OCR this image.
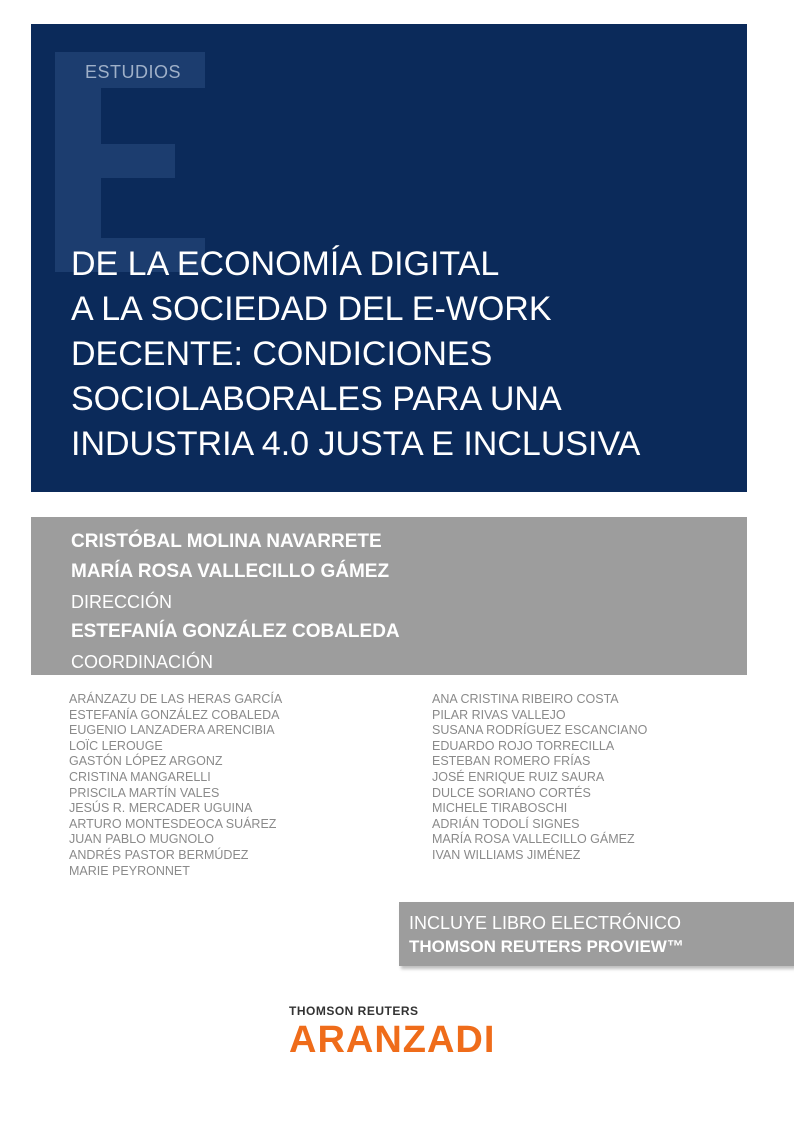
ESTUDIOS
DE LA ECONOMÍA DIGITAL
A LA SOCIEDAD DEL E-WORK
DECENTE: CONDICIONES
SOCIOLABORALES PARA UNA
INDUSTRIA 4.0 JUSTA E INCLUSIVA
CRISTÓBAL MOLINA NAVARRETE
MARÍA ROSA VALLECILLO GÁMEZ
DIRECCIÓN
ESTEFANÍA GONZÁLEZ COBALEDA
COORDINACIÓN
ARÁNZAZU DE LAS HERAS GARCÍA
ESTEFANÍA GONZÁLEZ COBALEDA
EUGENIO LANZADERA ARENCIBIA
LOÏC LEROUGE
GASTÓN LÓPEZ ARGONZ
CRISTINA MANGARELLI
PRISCILA MARTÍN VALES
JESÚS R. MERCADER UGUINA
ARTURO MONTESDEOCA SUÁREZ
JUAN PABLO MUGNOLO
ANDRÉS PASTOR BERMÚDEZ
MARIE PEYRONNET
ANA CRISTINA RIBEIRO COSTA
PILAR RIVAS VALLEJO
SUSANA RODRÍGUEZ ESCANCIANO
EDUARDO ROJO TORRECILLA
ESTEBAN ROMERO FRÍAS
JOSÉ ENRIQUE RUIZ SAURA
DULCE SORIANO CORTÉS
MICHELE TIRABOSCHI
ADRIÁN TODOLÍ SIGNES
MARÍA ROSA VALLECILLO GÁMEZ
IVAN WILLIAMS JIMÉNEZ
INCLUYE LIBRO ELECTRÓNICO
THOMSON REUTERS PROVIEW™
THOMSON REUTERS
ARANZADI
